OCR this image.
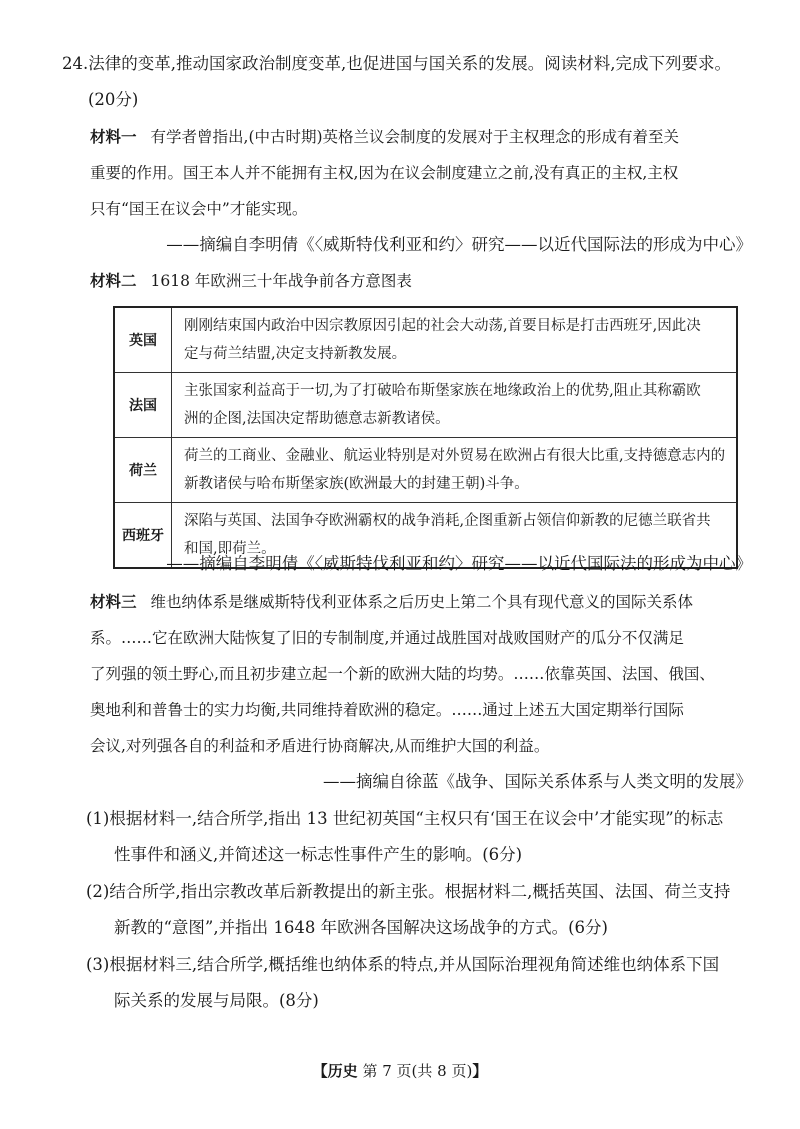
24.法律的变革,推动国家政治制度变革,也促进国与国关系的发展。阅读材料,完成下列要求。
(20分)
材料一 有学者曾指出,(中古时期)英格兰议会制度的发展对于主权理念的形成有着至关
重要的作用。国王本人并不能拥有主权,因为在议会制度建立之前,没有真正的主权,主权
只有“国王在议会中”才能实现。
——摘编自李明倩《〈威斯特伐利亚和约〉研究——以近代国际法的形成为中心》
材料二 1618 年欧洲三十年战争前各方意图表
英国	刚刚结束国内政治中因宗教原因引起的社会大动荡,首要目标是打击西班牙,因此决
定与荷兰结盟,决定支持新教发展。

法国	主张国家利益高于一切,为了打破哈布斯堡家族在地缘政治上的优势,阻止其称霸欧
洲的企图,法国决定帮助德意志新教诸侯。

荷兰	荷兰的工商业、金融业、航运业特别是对外贸易在欧洲占有很大比重,支持德意志内的
新教诸侯与哈布斯堡家族(欧洲最大的封建王朝)斗争。

西班牙	深陷与英国、法国争夺欧洲霸权的战争消耗,企图重新占领信仰新教的尼德兰联省共
和国,即荷兰。
——摘编自李明倩《〈威斯特伐利亚和约〉研究——以近代国际法的形成为中心》
材料三 维也纳体系是继威斯特伐利亚体系之后历史上第二个具有现代意义的国际关系体
系。……它在欧洲大陆恢复了旧的专制制度,并通过战胜国对战败国财产的瓜分不仅满足
了列强的领土野心,而且初步建立起一个新的欧洲大陆的均势。……依靠英国、法国、俄国、
奥地利和普鲁士的实力均衡,共同维持着欧洲的稳定。……通过上述五大国定期举行国际
会议,对列强各自的利益和矛盾进行协商解决,从而维护大国的利益。
——摘编自徐蓝《战争、国际关系体系与人类文明的发展》
(1)根据材料一,结合所学,指出 13 世纪初英国“主权只有‘国王在议会中’才能实现”的标志
性事件和涵义,并简述这一标志性事件产生的影响。(6分)
(2)结合所学,指出宗教改革后新教提出的新主张。根据材料二,概括英国、法国、荷兰支持
新教的“意图”,并指出 1648 年欧洲各国解决这场战争的方式。(6分)
(3)根据材料三,结合所学,概括维也纳体系的特点,并从国际治理视角简述维也纳体系下国
际关系的发展与局限。(8分)
【历史 第 7 页(共 8 页)】
